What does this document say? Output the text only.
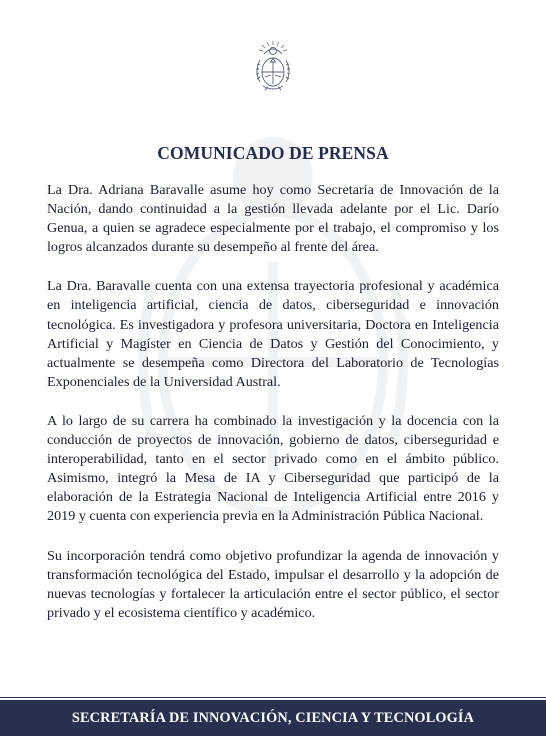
COMUNICADO DE PRENSA

La Dra. Adriana Baravalle asume hoy como Secretaria de Innovación de la Nación, dando continuidad a la gestión llevada adelante por el Lic. Darío Genua, a quien se agradece especialmente por el trabajo, el compromiso y los logros alcanzados durante su desempeño al frente del área.

La Dra. Baravalle cuenta con una extensa trayectoria profesional y académica en inteligencia artificial, ciencia de datos, ciberseguridad e innovación tecnológica. Es investigadora y profesora universitaria, Doctora en Inteligencia Artificial y Magíster en Ciencia de Datos y Gestión del Conocimiento, y actualmente se desempeña como Directora del Laboratorio de Tecnologías Exponenciales de la Universidad Austral.

A lo largo de su carrera ha combinado la investigación y la docencia con la conducción de proyectos de innovación, gobierno de datos, ciberseguridad e interoperabilidad, tanto en el sector privado como en el ámbito público. Asimismo, integró la Mesa de IA y Ciberseguridad que participó de la elaboración de la Estrategia Nacional de Inteligencia Artificial entre 2016 y 2019 y cuenta con experiencia previa en la Administración Pública Nacional.

Su incorporación tendrá como objetivo profundizar la agenda de innovación y transformación tecnológica del Estado, impulsar el desarrollo y la adopción de nuevas tecnologías y fortalecer la articulación entre el sector público, el sector privado y el ecosistema científico y académico.

SECRETARÍA DE INNOVACIÓN, CIENCIA Y TECNOLOGÍA
